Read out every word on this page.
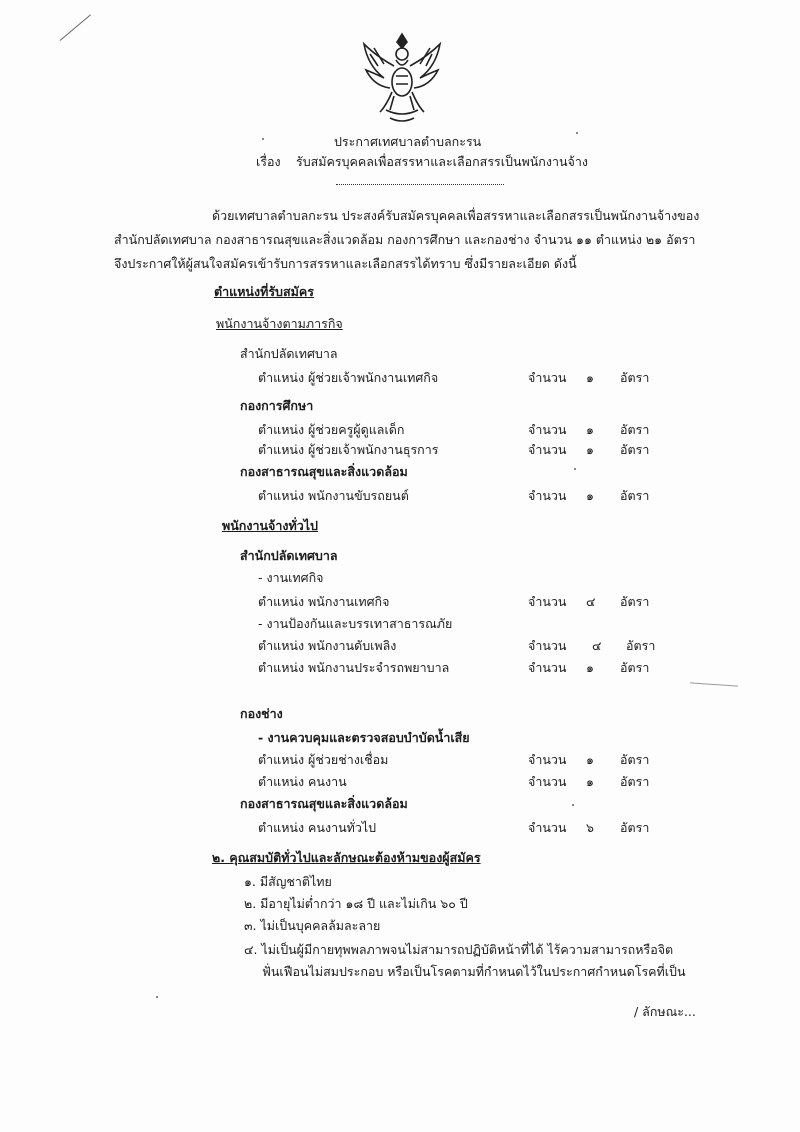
ประกาศเทศบาลตำบลกะรน
เรื่อง รับสมัครบุคคลเพื่อสรรหาและเลือกสรรเป็นพนักงานจ้าง
ด้วยเทศบาลตำบลกะรน ประสงค์รับสมัครบุคคลเพื่อสรรหาและเลือกสรรเป็นพนักงานจ้างของ
สำนักปลัดเทศบาล กองสาธารณสุขและสิ่งแวดล้อม กองการศึกษา และกองช่าง จำนวน ๑๑ ตำแหน่ง ๒๑ อัตรา
จึงประกาศให้ผู้สนใจสมัครเข้ารับการสรรหาและเลือกสรรได้ทราบ ซึ่งมีรายละเอียด ดังนี้
ตำแหน่งที่รับสมัคร
พนักงานจ้างตามภารกิจ
สำนักปลัดเทศบาล
ตำแหน่ง ผู้ช่วยเจ้าพนักงานเทศกิจ	จำนวน ๑ อัตรา
กองการศึกษา
ตำแหน่ง ผู้ช่วยครูผู้ดูแลเด็ก	จำนวน ๑ อัตรา
ตำแหน่ง ผู้ช่วยเจ้าพนักงานธุรการ	จำนวน ๑ อัตรา
กองสาธารณสุขและสิ่งแวดล้อม
ตำแหน่ง พนักงานขับรถยนต์	จำนวน ๑ อัตรา
พนักงานจ้างทั่วไป
สำนักปลัดเทศบาล
- งานเทศกิจ
ตำแหน่ง พนักงานเทศกิจ	จำนวน ๔ อัตรา
- งานป้องกันและบรรเทาสาธารณภัย
ตำแหน่ง พนักงานดับเพลิง	จำนวน ๔ อัตรา
ตำแหน่ง พนักงานประจำรถพยาบาล	จำนวน ๑ อัตรา
กองช่าง
- งานควบคุมและตรวจสอบบำบัดน้ำเสีย
ตำแหน่ง ผู้ช่วยช่างเชื่อม	จำนวน ๑ อัตรา
ตำแหน่ง คนงาน	จำนวน ๑ อัตรา
กองสาธารณสุขและสิ่งแวดล้อม
ตำแหน่ง คนงานทั่วไป	จำนวน ๖ อัตรา
๒. คุณสมบัติทั่วไปและลักษณะต้องห้ามของผู้สมัคร
๑. มีสัญชาติไทย
๒. มีอายุไม่ต่ำกว่า ๑๘ ปี และไม่เกิน ๖๐ ปี
๓. ไม่เป็นบุคคลล้มละลาย
๔. ไม่เป็นผู้มีกายทุพพลภาพจนไม่สามารถปฏิบัติหน้าที่ได้ ไร้ความสามารถหรือจิต
ฟั่นเฟือนไม่สมประกอบ หรือเป็นโรคตามที่กำหนดไว้ในประกาศกำหนดโรคที่เป็น
/ ลักษณะ...
